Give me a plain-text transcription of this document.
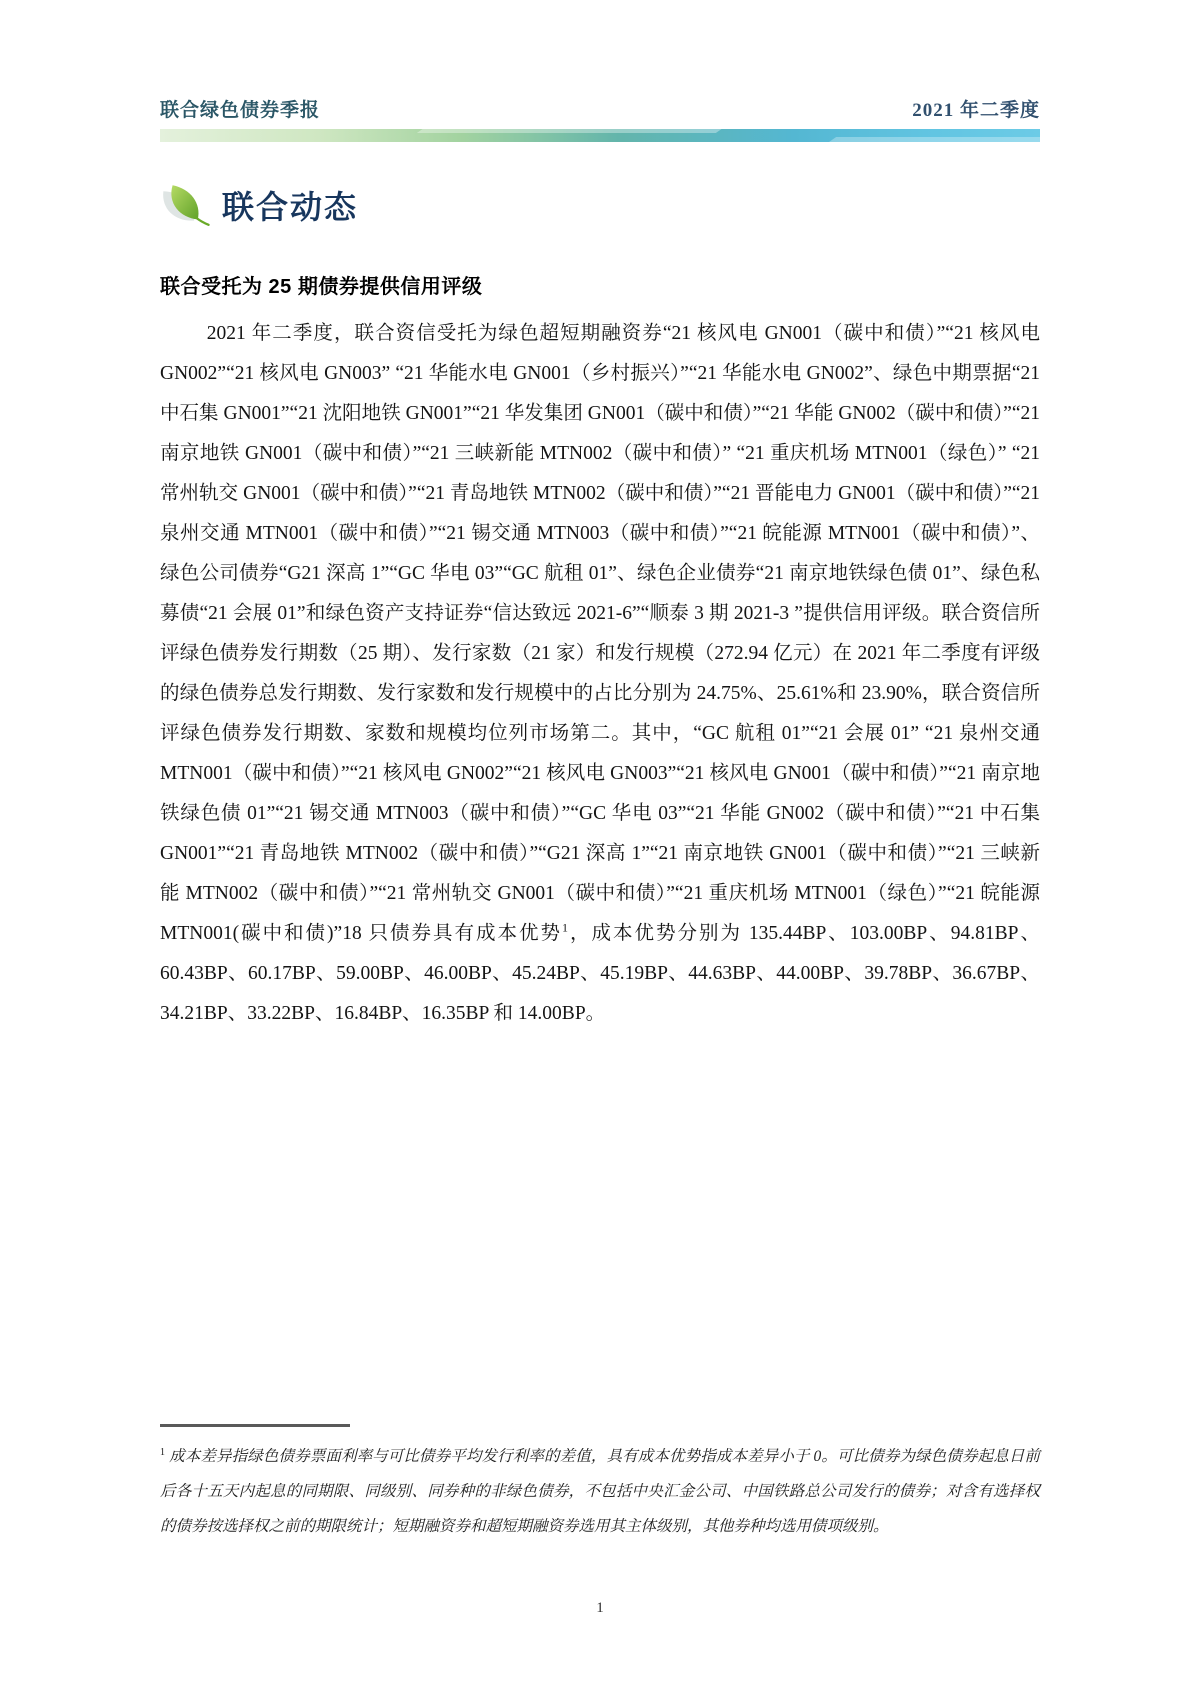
联合绿色债券季报	2021 年二季度
联合动态
联合受托为 25 期债券提供信用评级

2021 年二季度，联合资信受托为绿色超短期融资券“21 核风电 GN001（碳中和债）”“21 核风电 GN002”“21 核风电 GN003” “21 华能水电 GN001（乡村振兴）”“21 华能水电 GN002”、绿色中期票据“21 中石集 GN001”“21 沈阳地铁 GN001”“21 华发集团 GN001（碳中和债）”“21 华能 GN002（碳中和债）”“21 南京地铁 GN001（碳中和债）”“21 三峡新能 MTN002（碳中和债）” “21 重庆机场 MTN001（绿色）” “21 常州轨交 GN001（碳中和债）”“21 青岛地铁 MTN002（碳中和债）”“21 晋能电力 GN001（碳中和债）”“21 泉州交通 MTN001（碳中和债）”“21 锡交通 MTN003（碳中和债）”“21 皖能源 MTN001（碳中和债）”、绿色公司债券“G21 深高 1”“GC 华电 03”“GC 航租 01”、绿色企业债券“21 南京地铁绿色债 01”、绿色私募债“21 会展 01”和绿色资产支持证券“信达致远 2021-6”“顺泰 3 期 2021-3 ”提供信用评级。联合资信所评绿色债券发行期数（25 期）、发行家数（21 家）和发行规模（272.94 亿元）在 2021 年二季度有评级的绿色债券总发行期数、发行家数和发行规模中的占比分别为 24.75%、25.61%和 23.90%，联合资信所评绿色债券发行期数、家数和规模均位列市场第二。其中，“GC 航租 01”“21 会展 01” “21 泉州交通 MTN001（碳中和债）”“21 核风电 GN002”“21 核风电 GN003”“21 核风电 GN001（碳中和债）”“21 南京地铁绿色债 01”“21 锡交通 MTN003（碳中和债）”“GC 华电 03”“21 华能 GN002（碳中和债）”“21 中石集 GN001”“21 青岛地铁 MTN002（碳中和债）”“G21 深高 1”“21 南京地铁 GN001（碳中和债）”“21 三峡新能 MTN002（碳中和债）”“21 常州轨交 GN001（碳中和债）”“21 重庆机场 MTN001（绿色）”“21 皖能源 MTN001(碳中和债)”18 只债券具有成本优势$^1$，成本优势分别为 135.44BP、103.00BP、94.81BP、60.43BP、60.17BP、59.00BP、46.00BP、45.24BP、45.19BP、44.63BP、44.00BP、39.78BP、36.67BP、34.21BP、33.22BP、16.84BP、16.35BP 和 14.00BP。

$^1$ 成本差异指绿色债券票面利率与可比债券平均发行利率的差值，具有成本优势指成本差异小于 0。可比债券为绿色债券起息日前后各十五天内起息的同期限、同级别、同券种的非绿色债券，不包括中央汇金公司、中国铁路总公司发行的债券；对含有选择权的债券按选择权之前的期限统计；短期融资券和超短期融资券选用其主体级别，其他券种均选用债项级别。
1
